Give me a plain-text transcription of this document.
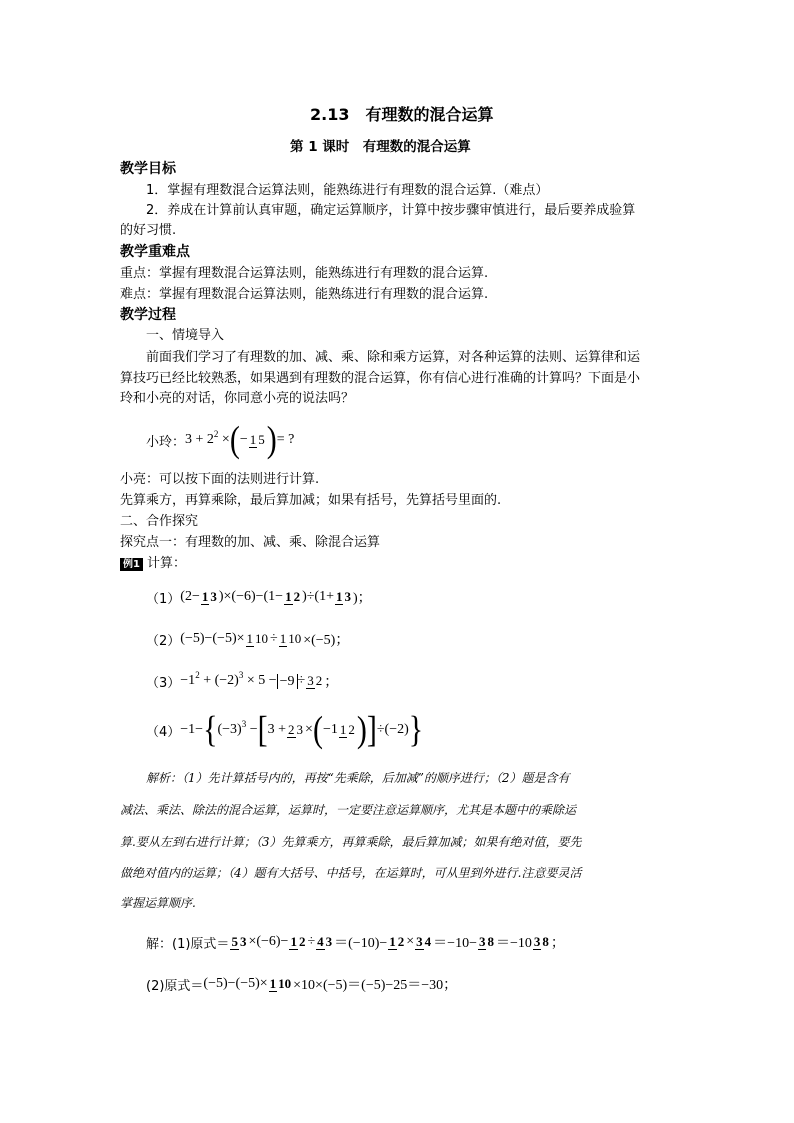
2.13　有理数的混合运算
第 1 课时　有理数的混合运算
教学目标
1．掌握有理数混合运算法则，能熟练进行有理数的混合运算.（难点）
2．养成在计算前认真审题，确定运算顺序，计算中按步骤审慎进行，最后要养成验算
的好习惯.
教学重难点
重点：掌握有理数混合运算法则，能熟练进行有理数的混合运算.
难点：掌握有理数混合运算法则，能熟练进行有理数的混合运算.
教学过程
一、情境导入
前面我们学习了有理数的加、减、乘、除和乘方运算，对各种运算的法则、运算律和运
算技巧已经比较熟悉，如果遇到有理数的混合运算，你有信心进行准确的计算吗？下面是小
玲和小亮的对话，你同意小亮的说法吗？
小玲： $3 + 2^2$ × ( − 1 5 ) = ?
小亮：可以按下面的法则进行计算.
先算乘方，再算乘除，最后算加减；如果有括号，先算括号里面的.
二、合作探究
探究点一：有理数的加、减、乘、除混合运算
例1 计算：
（1） (2− 1 3 )×(−6)−(1− 1 2 )÷(1+ 1 3 )；
（2） (−5)−(−5)× 1 10 ÷ 1 10 ×(−5)；
$(3) -1^2 + (-2)^3 \times 5 - -9 \div 3$ 2 ；
（4） −1− { $(-3)^3$ − [ 3 + 2 3 × ( −1 1 2 ) ] ÷(−2) }
解析：（1）先计算括号内的，再按“先乘除，后加减”的顺序进行；（2）题是含有
减法、乘法、除法的混合运算，运算时，一定要注意运算顺序，尤其是本题中的乘除运
算.要从左到右进行计算；（3）先算乘方，再算乘除，最后算加减；如果有绝对值，要先
做绝对值内的运算；（4）题有大括号、中括号，在运算时，可从里到外进行.注意要灵活
掌握运算顺序.
解： (1)原式＝ 5 3 ×(−6)− 1 2 ÷ 4 3 ＝(−10)− 1 2 × 3 4 ＝−10− 3 8 ＝−10 3 8 ；
(2)原式＝ (−5)−(−5)× 1 10 ×10×(−5)＝(−5)−25＝−30；
